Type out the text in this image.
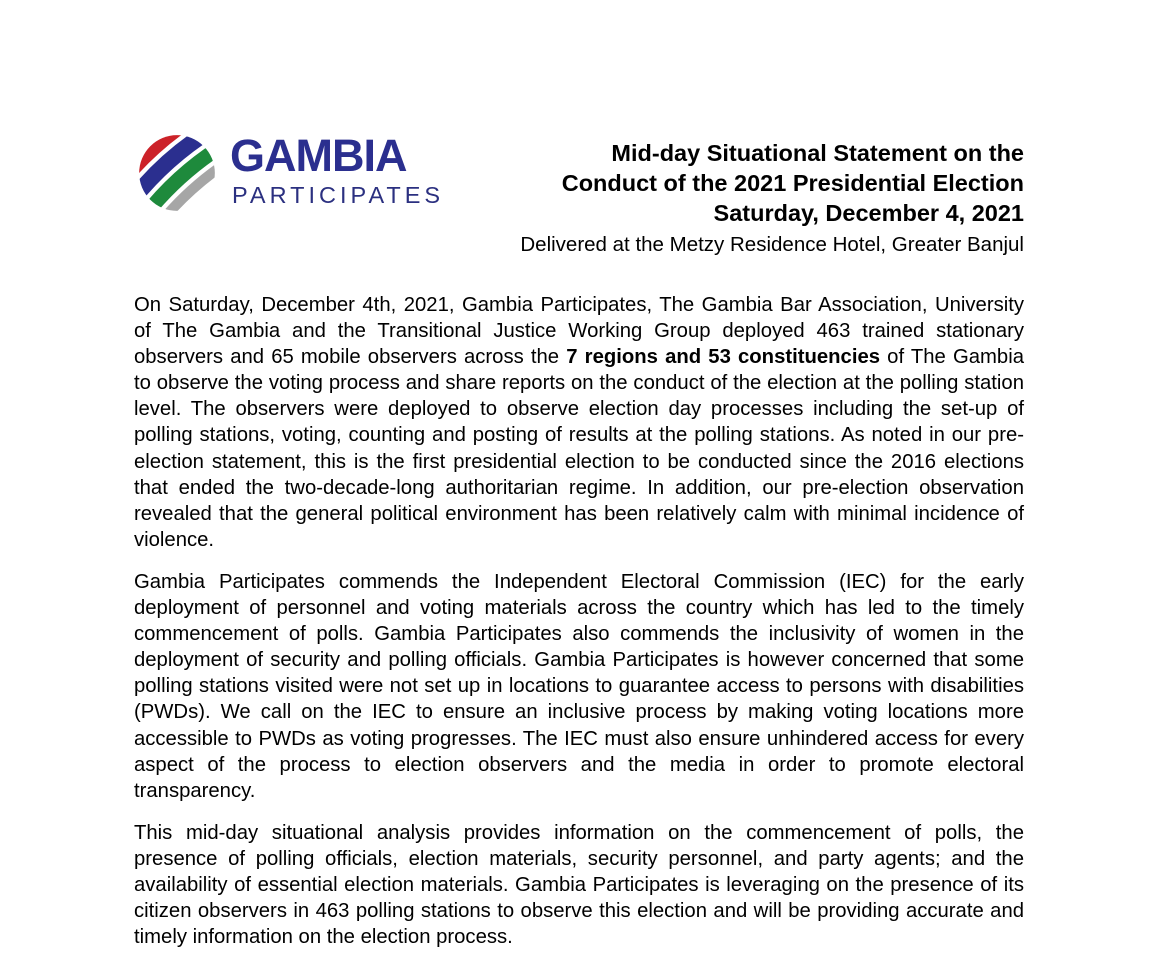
GAMBIA
PARTICIPATES
Mid-day Situational Statement on the
Conduct of the 2021 Presidential Election
Saturday, December 4, 2021
Delivered at the Metzy Residence Hotel, Greater Banjul

On Saturday, December 4th, 2021, Gambia Participates, The Gambia Bar Association, University of The Gambia and the Transitional Justice Working Group deployed 463 trained stationary observers and 65 mobile observers across the 7 regions and 53 constituencies of The Gambia to observe the voting process and share reports on the conduct of the election at the polling station level. The observers were deployed to observe election day processes including the set-up of polling stations, voting, counting and posting of results at the polling stations. As noted in our pre-election statement, this is the first presidential election to be conducted since the 2016 elections that ended the two-decade-long authoritarian regime. In addition, our pre-election observation revealed that the general political environment has been relatively calm with minimal incidence of violence.

Gambia Participates commends the Independent Electoral Commission (IEC) for the early deployment of personnel and voting materials across the country which has led to the timely commencement of polls. Gambia Participates also commends the inclusivity of women in the deployment of security and polling officials. Gambia Participates is however concerned that some polling stations visited were not set up in locations to guarantee access to persons with disabilities (PWDs). We call on the IEC to ensure an inclusive process by making voting locations more accessible to PWDs as voting progresses. The IEC must also ensure unhindered access for every aspect of the process to election observers and the media in order to promote electoral transparency.

This mid-day situational analysis provides information on the commencement of polls, the presence of polling officials, election materials, security personnel, and party agents; and the availability of essential election materials. Gambia Participates is leveraging on the presence of its citizen observers in 463 polling stations to observe this election and will be providing accurate and timely information on the election process.
